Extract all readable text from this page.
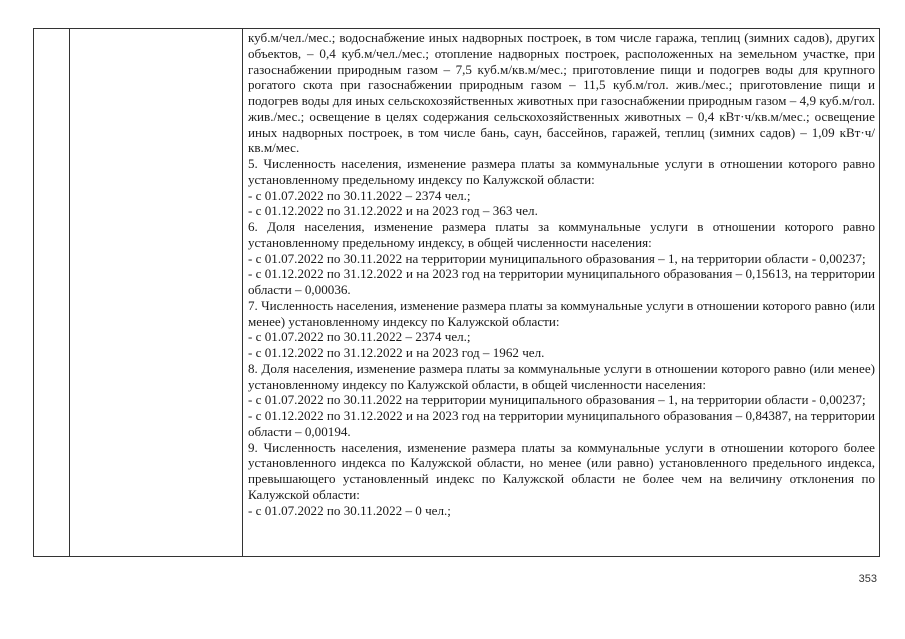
куб.м/чел./мес.; водоснабжение иных надворных построек, в том числе гаража, теплиц (зимних садов), других объектов, – 0,4 куб.м/чел./мес.; отопление надворных построек, расположенных на земельном участке, при газоснабжении природным газом – 7,5 куб.м/кв.м/мес.; приготовление пищи и подогрев воды для крупного рогатого скота при газоснабжении природным газом – 11,5 куб.м/гол. жив./мес.; приготовление пищи и подогрев воды для иных сельскохозяйственных животных при газоснабжении природным газом – 4,9 куб.м/гол. жив./мес.; освещение в целях содержания сельскохозяйственных животных – 0,4 кВт·ч/кв.м/мес.; освещение иных надворных построек, в том числе бань, саун, бассейнов, гаражей, теплиц (зимних садов) – 1,09 кВт·ч/кв.м/мес.

5. Численность населения, изменение размера платы за коммунальные услуги в отношении которого равно установленному предельному индексу по Калужской области:

- с 01.07.2022 по 30.11.2022 – 2374 чел.;

- с 01.12.2022 по 31.12.2022 и на 2023 год – 363 чел.

6. Доля населения, изменение размера платы за коммунальные услуги в отношении которого равно установленному предельному индексу, в общей численности населения:

- с 01.07.2022 по 30.11.2022 на территории муниципального образования – 1, на территории области - 0,00237;

- с 01.12.2022 по 31.12.2022 и на 2023 год на территории муниципального образования – 0,15613, на территории области – 0,00036.

7. Численность населения, изменение размера платы за коммунальные услуги в отношении которого равно (или менее) установленному индексу по Калужской области:

- с 01.07.2022 по 30.11.2022 – 2374 чел.;

- с 01.12.2022 по 31.12.2022 и на 2023 год – 1962 чел.

8. Доля населения, изменение размера платы за коммунальные услуги в отношении которого равно (или менее) установленному индексу по Калужской области, в общей численности населения:

- с 01.07.2022 по 30.11.2022 на территории муниципального образования – 1, на территории области - 0,00237;

- с 01.12.2022 по 31.12.2022 и на 2023 год на территории муниципального образования – 0,84387, на территории области – 0,00194.

9. Численность населения, изменение размера платы за коммунальные услуги в отношении которого более установленного индекса по Калужской области, но менее (или равно) установленного предельного индекса, превышающего установленный индекс по Калужской области не более чем на величину отклонения по Калужской области:

- с 01.07.2022 по 30.11.2022 – 0 чел.;

353
